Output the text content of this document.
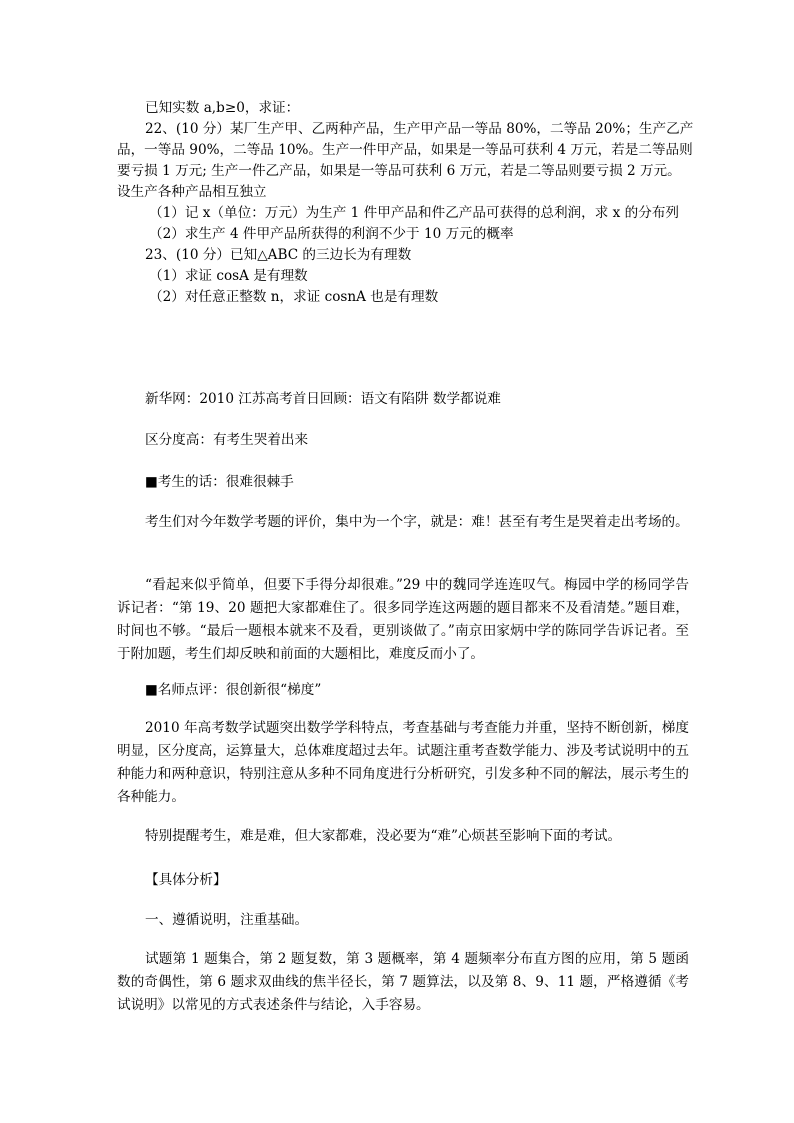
已知实数 a,b≥0，求证：
22、(10 分）某厂生产甲、乙两种产品，生产甲产品一等品 80%，二等品 20%；生产乙产
品，一等品 90%，二等品 10%。生产一件甲产品，如果是一等品可获利 4 万元，若是二等品则
要亏损 1 万元; 生产一件乙产品，如果是一等品可获利 6 万元，若是二等品则要亏损 2 万元。
设生产各种产品相互独立
（1）记 x（单位：万元）为生产 1 件甲产品和件乙产品可获得的总利润，求 x 的分布列
（2）求生产 4 件甲产品所获得的利润不少于 10 万元的概率
23、(10 分）已知△ABC 的三边长为有理数
（1）求证 cosA 是有理数
（2）对任意正整数 n，求证 cosnA 也是有理数

新华网：2010 江苏高考首日回顾：语文有陷阱 数学都说难

区分度高：有考生哭着出来

■考生的话：很难很棘手

考生们对今年数学考题的评价，集中为一个字，就是：难！甚至有考生是哭着走出考场的。

“看起来似乎简单，但要下手得分却很难。”29 中的魏同学连连叹气。梅园中学的杨同学告诉记者：“第 19、20 题把大家都难住了。很多同学连这两题的题目都来不及看清楚。”题目难，时间也不够。“最后一题根本就来不及看，更别谈做了。”南京田家炳中学的陈同学告诉记者。至于附加题，考生们却反映和前面的大题相比，难度反而小了。

■名师点评：很创新很“梯度”

2010 年高考数学试题突出数学学科特点，考查基础与考查能力并重，坚持不断创新，梯度明显，区分度高，运算量大，总体难度超过去年。试题注重考查数学能力、涉及考试说明中的五种能力和两种意识，特别注意从多种不同角度进行分析研究，引发多种不同的解法，展示考生的各种能力。

特别提醒考生，难是难，但大家都难，没必要为“难”心烦甚至影响下面的考试。

【具体分析】

一、遵循说明，注重基础。

试题第 1 题集合，第 2 题复数，第 3 题概率，第 4 题频率分布直方图的应用，第 5 题函数的奇偶性，第 6 题求双曲线的焦半径长，第 7 题算法，以及第 8、9、11 题，严格遵循《考试说明》以常见的方式表述条件与结论，入手容易。
